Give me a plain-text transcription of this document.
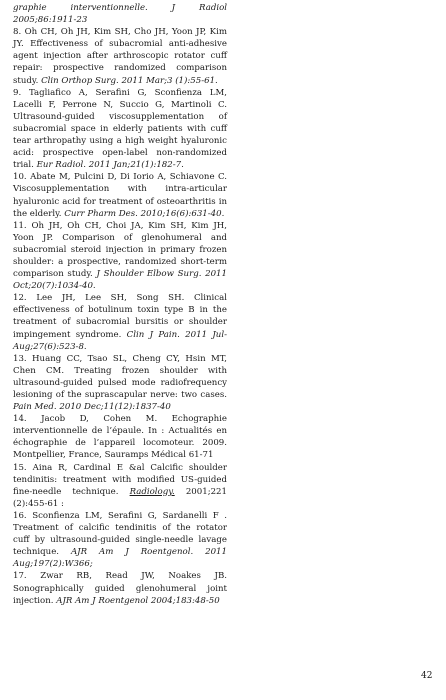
graphie interventionnelle. J Radiol 2005;86:1911-23

8. Oh CH, Oh JH, Kim SH, Cho JH, Yoon JP, Kim JY. Effectiveness of subacromial anti-adhesive agent injection after arthroscopic rotator cuff repair: prospective randomized comparison study. Clin Orthop Surg. 2011 Mar;3 (1):55-61.

9. Tagliafico A, Serafini G, Sconfienza LM, Lacelli F, Perrone N, Succio G, Martinoli C. Ultrasound-guided viscosupplementation of subacromial space in elderly patients with cuff tear arthropathy using a high weight hyaluronic acid: prospective open-label non-randomized trial. Eur Radiol. 2011 Jan;21(1):182-7.

10. Abate M, Pulcini D, Di Iorio A, Schiavone C. Viscosupplementation with intra-articular hyaluronic acid for treatment of osteoarthritis in the elderly. Curr Pharm Des. 2010;16(6):631-40.

11. Oh JH, Oh CH, Choi JA, Kim SH, Kim JH, Yoon JP. Comparison of glenohumeral and subacromial steroid injection in primary frozen shoulder: a prospective, randomized short-term comparison study. J Shoulder Elbow Surg. 2011 Oct;20(7):1034-40.

12. Lee JH, Lee SH, Song SH. Clinical effectiveness of botulinum toxin type B in the treatment of subacromial bursitis or shoulder impingement syndrome. Clin J Pain. 2011 Jul-Aug;27(6):523-8.

13. Huang CC, Tsao SL, Cheng CY, Hsin MT, Chen CM. Treating frozen shoulder with ultrasound-guided pulsed mode radiofrequency lesioning of the suprascapular nerve: two cases. Pain Med. 2010 Dec;11(12):1837-40

14. Jacob D, Cohen M. Echographie interventionnelle de l’épaule. In : Actualités en échographie de l’appareil locomoteur. 2009. Montpellier, France, Sauramps Médical 61-71

15. Aina R, Cardinal E &al Calcific shoulder tendinitis: treatment with modified US-guided fine-needle technique. Radiology. 2001;221 (2):455-61 :

16. Sconfienza LM, Serafini G, Sardanelli F . Treatment of calcific tendinitis of the rotator cuff by ultrasound-guided single-needle lavage technique. AJR Am J Roentgenol. 2011 Aug;197(2):W366;

17. Zwar RB, Read JW, Noakes JB. Sonographically guided glenohumeral joint injection. AJR Am J Roentgenol 2004;183:48-50

42
